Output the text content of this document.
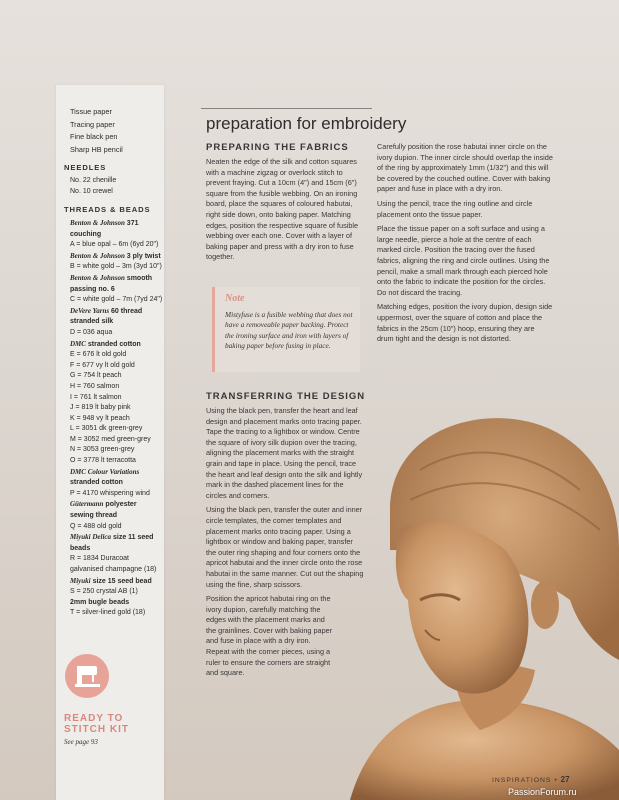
Tissue paper
Tracing paper
Fine black pen
Sharp HB pencil
NEEDLES
No. 22 chenille
No. 10 crewel
THREADS & BEADS
Benton & Johnson 371
couching
A = blue opal – 6m (6yd 20")
Benton & Johnson 3 ply twist
B = white gold – 3m (3yd 10")
Benton & Johnson smooth
passing no. 6
C = white gold – 7m (7yd 24")
DeVere Yarns 60 thread
stranded silk
D = 036 aqua
DMC stranded cotton
E = 676 lt old gold
F = 677 vy lt old gold
G = 754 lt peach
H = 760 salmon
I = 761 lt salmon
J = 819 lt baby pink
K = 948 vy lt peach
L = 3051 dk green-grey
M = 3052 med green-grey
N = 3053 green-grey
O = 3778 lt terracotta
DMC Colour Variations
stranded cotton
P = 4170 whispering wind
Gütermann polyester
sewing thread
Q = 488 old gold
Miyuki Delica size 11 seed
beads
R = 1834 Duracoat
galvanised champagne (18)
Miyuki size 15 seed bead
S = 250 crystal AB (1)
2mm bugle beads
T = silver-lined gold (18)
READY TO
STITCH KIT
See page 93
preparation for embroidery
PREPARING THE FABRICS

Neaten the edge of the silk and cotton squares with a machine zigzag or overlock stitch to prevent fraying. Cut a 10cm (4") and 15cm (6") square from the fusible webbing. On an ironing board, place the squares of coloured habutai, right side down, onto baking paper. Matching edges, position the respective square of fusible webbing over each one. Cover with a layer of baking paper and press with a dry iron to fuse together.

Note
Mistyfuse is a fusible webbing that does not have a removeable paper backing. Protect the ironing surface and iron with layers of baking paper before fusing in place.
TRANSFERRING THE DESIGN

Using the black pen, transfer the heart and leaf design and placement marks onto tracing paper. Tape the tracing to a lightbox or window. Centre the square of ivory silk dupion over the tracing, aligning the placement marks with the straight grain and tape in place. Using the pencil, trace the heart and leaf design onto the silk and lightly mark in the dashed placement lines for the circles and corners.

Using the black pen, transfer the outer and inner circle templates, the corner templates and placement marks onto tracing paper. Using a lightbox or window and baking paper, transfer the outer ring shaping and four corners onto the apricot habutai and the inner circle onto the rose habutai in the same manner. Cut out the shaping using the fine, sharp scissors.

Position the apricot habutai ring on the ivory dupion, carefully matching the edges with the placement marks and the grainlines. Cover with baking paper and fuse in place with a dry iron. Repeat with the corner pieces, using a ruler to ensure the corners are straight and square.

Carefully position the rose habutai inner circle on the ivory dupion. The inner circle should overlap the inside of the ring by approximately 1mm (1/32") and this will be covered by the couched outline. Cover with baking paper and fuse in place with a dry iron.

Using the pencil, trace the ring outline and circle placement onto the tissue paper.

Place the tissue paper on a soft surface and using a large needle, pierce a hole at the centre of each marked circle. Position the tracing over the fused fabrics, aligning the ring and circle outlines. Using the pencil, make a small mark through each pierced hole onto the fabric to indicate the position for the circles. Do not discard the tracing.

Matching edges, position the ivory dupion, design side uppermost, over the square of cotton and place the fabrics in the 25cm (10") hoop, ensuring they are drum tight and the design is not distorted.

INSPIRATIONS • 27
PassionForum.ru
